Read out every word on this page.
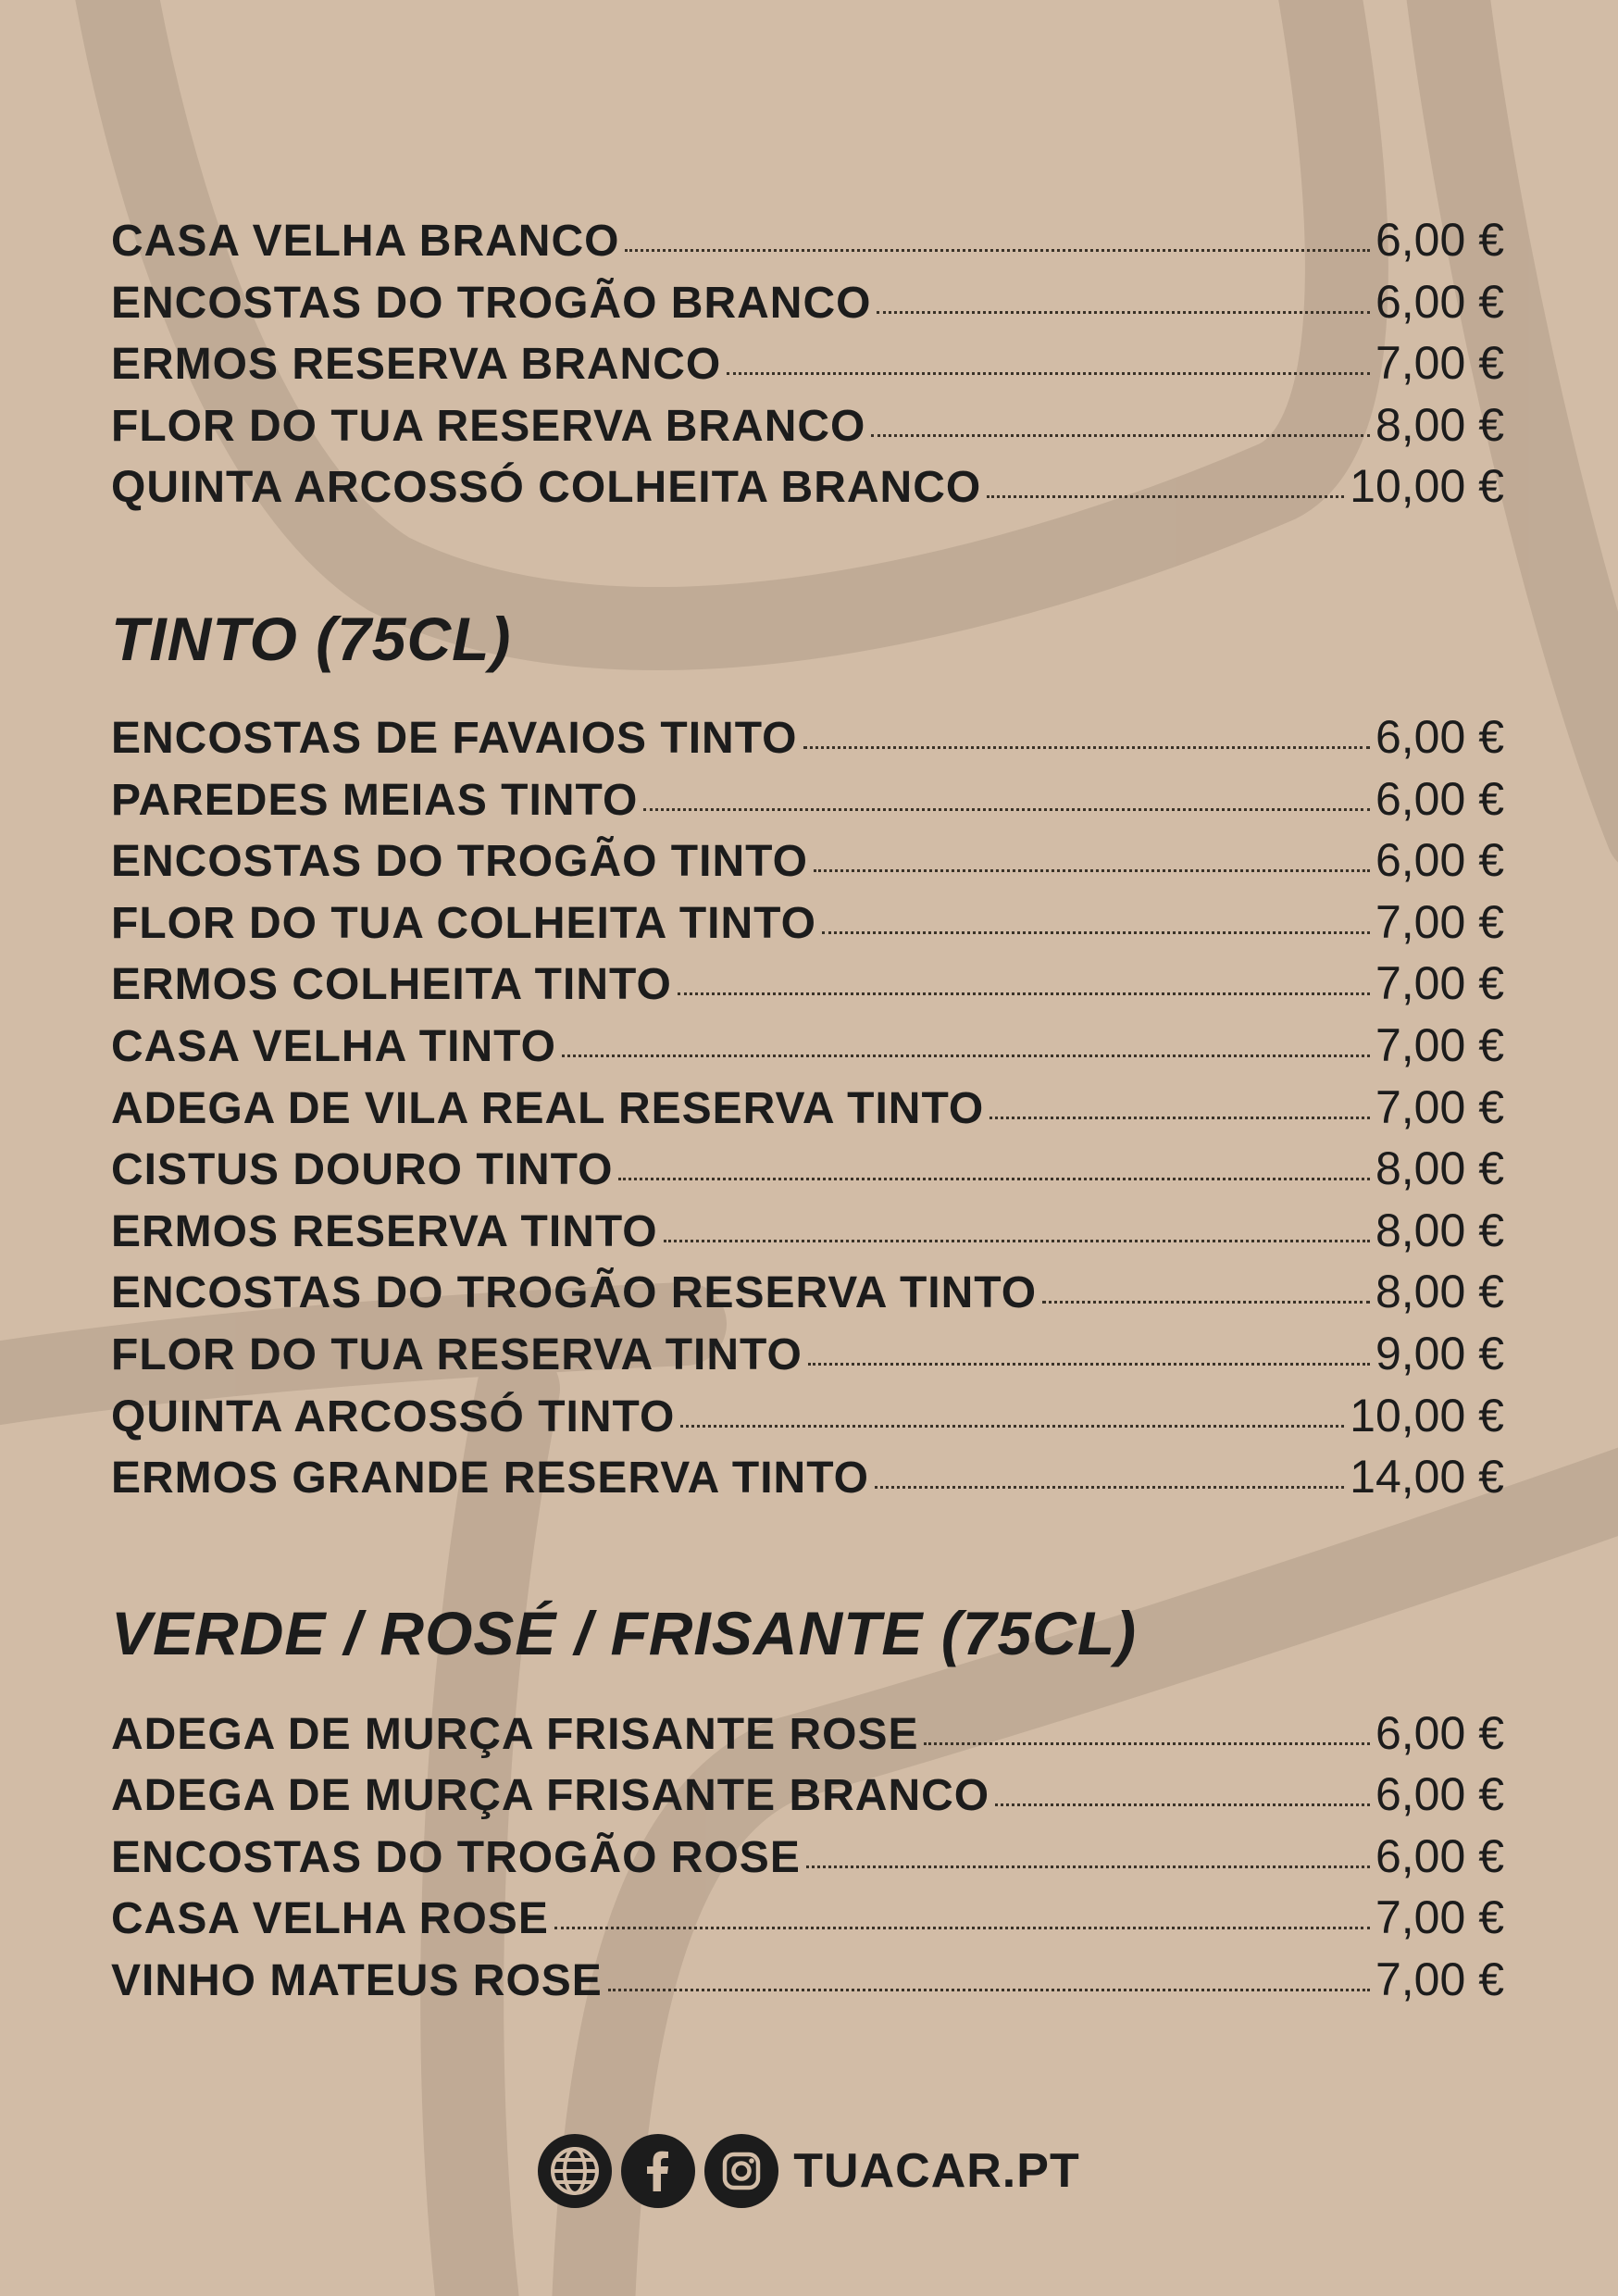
CASA VELHA BRANCO	6,00 €
ENCOSTAS DO TROGÃO BRANCO	6,00 €
ERMOS RESERVA BRANCO	7,00 €
FLOR DO TUA RESERVA BRANCO	8,00 €
QUINTA ARCOSSÓ COLHEITA BRANCO	10,00 €
TINTO (75CL)
ENCOSTAS DE FAVAIOS TINTO	6,00 €
PAREDES MEIAS TINTO	6,00 €
ENCOSTAS DO TROGÃO TINTO	6,00 €
FLOR DO TUA COLHEITA TINTO	7,00 €
ERMOS COLHEITA TINTO	7,00 €
CASA VELHA TINTO	7,00 €
ADEGA DE VILA REAL RESERVA TINTO	7,00 €
CISTUS DOURO TINTO	8,00 €
ERMOS RESERVA TINTO	8,00 €
ENCOSTAS DO TROGÃO RESERVA TINTO	8,00 €
FLOR DO TUA RESERVA TINTO	9,00 €
QUINTA ARCOSSÓ TINTO	10,00 €
ERMOS GRANDE RESERVA TINTO	14,00 €
VERDE / ROSÉ / FRISANTE (75CL)
ADEGA DE MURÇA FRISANTE ROSE	6,00 €
ADEGA DE MURÇA FRISANTE BRANCO	6,00 €
ENCOSTAS DO TROGÃO ROSE	6,00 €
CASA VELHA ROSE	7,00 €
VINHO MATEUS ROSE	7,00 €
TUACAR.PT
